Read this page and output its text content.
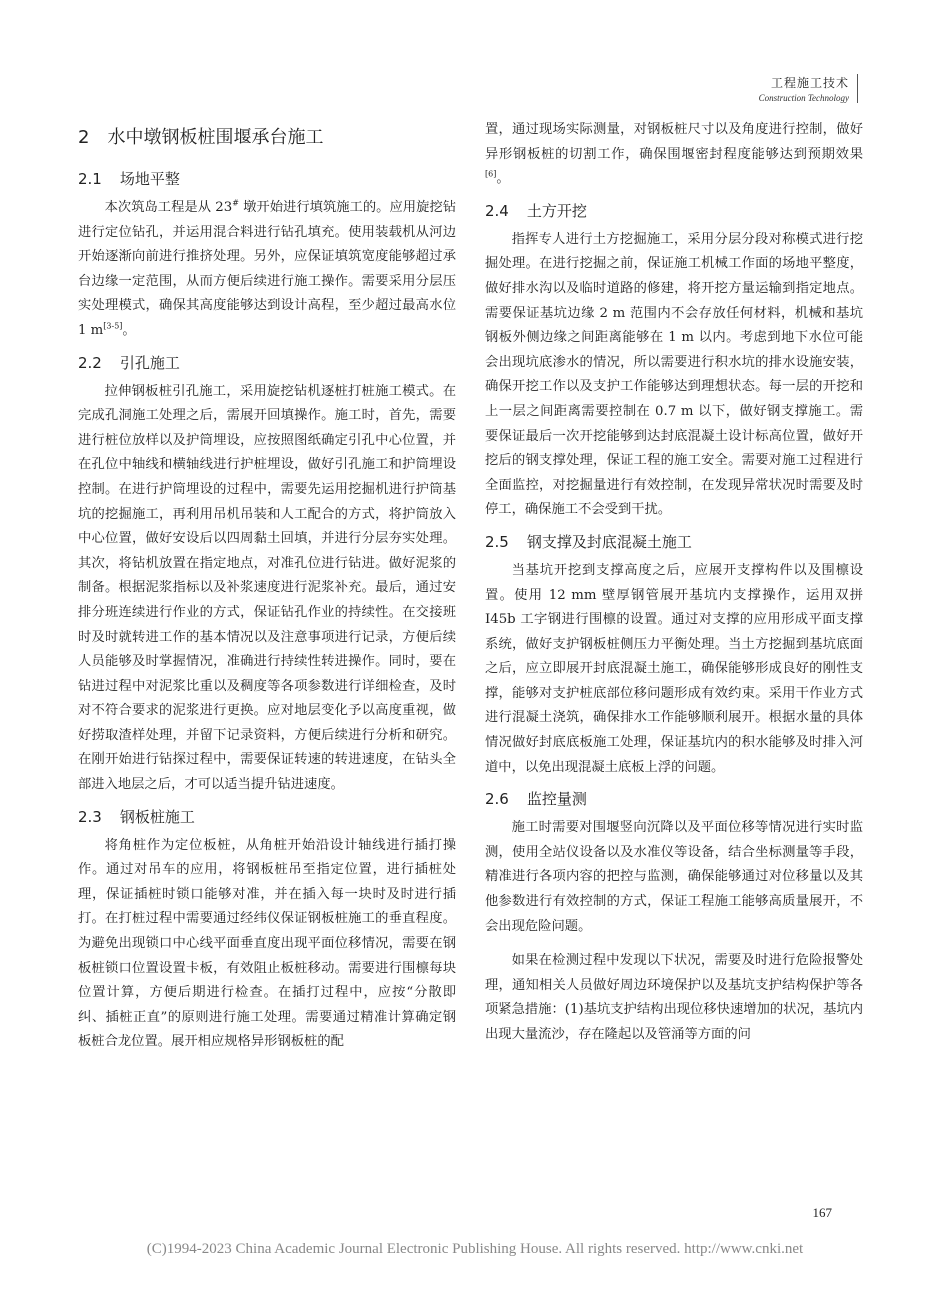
工程施工技术
Construction Technology
2 水中墩钢板桩围堰承台施工
2.1 场地平整

本次筑岛工程是从 23# 墩开始进行填筑施工的。应用旋挖钻进行定位钻孔，并运用混合料进行钻孔填充。使用装载机从河边开始逐渐向前进行推挤处理。另外，应保证填筑宽度能够超过承台边缘一定范围，从而方便后续进行施工操作。需要采用分层压实处理模式，确保其高度能够达到设计高程，至少超过最高水位 1 m[3-5]。

2.2 引孔施工

拉伸钢板桩引孔施工，采用旋挖钻机逐桩打桩施工模式。在完成孔洞施工处理之后，需展开回填操作。施工时，首先，需要进行桩位放样以及护筒埋设，应按照图纸确定引孔中心位置，并在孔位中轴线和横轴线进行护桩埋设，做好引孔施工和护筒埋设控制。在进行护筒埋设的过程中，需要先运用挖掘机进行护筒基坑的挖掘施工，再利用吊机吊装和人工配合的方式，将护筒放入中心位置，做好安设后以四周黏土回填，并进行分层夯实处理。其次，将钻机放置在指定地点，对准孔位进行钻进。做好泥浆的制备。根据泥浆指标以及补浆速度进行泥浆补充。最后，通过安排分班连续进行作业的方式，保证钻孔作业的持续性。在交接班时及时就转进工作的基本情况以及注意事项进行记录，方便后续人员能够及时掌握情况，准确进行持续性转进操作。同时，要在钻进过程中对泥浆比重以及稠度等各项参数进行详细检查，及时对不符合要求的泥浆进行更换。应对地层变化予以高度重视，做好捞取渣样处理，并留下记录资料，方便后续进行分析和研究。在刚开始进行钻探过程中，需要保证转速的转进速度，在钻头全部进入地层之后，才可以适当提升钻进速度。

2.3 钢板桩施工

将角桩作为定位板桩，从角桩开始沿设计轴线进行插打操作。通过对吊车的应用，将钢板桩吊至指定位置，进行插桩处理，保证插桩时锁口能够对准，并在插入每一块时及时进行插打。在打桩过程中需要通过经纬仪保证钢板桩施工的垂直程度。为避免出现锁口中心线平面垂直度出现平面位移情况，需要在钢板桩锁口位置设置卡板，有效阻止板桩移动。需要进行围檩每块位置计算，方便后期进行检查。在插打过程中，应按“分散即纠、插桩正直”的原则进行施工处理。需要通过精准计算确定钢板桩合龙位置。展开相应规格异形钢板桩的配

置，通过现场实际测量，对钢板桩尺寸以及角度进行控制，做好异形钢板桩的切割工作，确保围堰密封程度能够达到预期效果[6]。

2.4 土方开挖

指挥专人进行土方挖掘施工，采用分层分段对称模式进行挖掘处理。在进行挖掘之前，保证施工机械工作面的场地平整度，做好排水沟以及临时道路的修建，将开挖方量运输到指定地点。需要保证基坑边缘 2 m 范围内不会存放任何材料，机械和基坑钢板外侧边缘之间距离能够在 1 m 以内。考虑到地下水位可能会出现坑底渗水的情况，所以需要进行积水坑的排水设施安装，确保开挖工作以及支护工作能够达到理想状态。每一层的开挖和上一层之间距离需要控制在 0.7 m 以下，做好钢支撑施工。需要保证最后一次开挖能够到达封底混凝土设计标高位置，做好开挖后的钢支撑处理，保证工程的施工安全。需要对施工过程进行全面监控，对挖掘量进行有效控制，在发现异常状况时需要及时停工，确保施工不会受到干扰。

2.5 钢支撑及封底混凝土施工

当基坑开挖到支撑高度之后，应展开支撑构件以及围檩设置。使用 12 mm 壁厚钢管展开基坑内支撑操作，运用双拼 I45b 工字钢进行围檩的设置。通过对支撑的应用形成平面支撑系统，做好支护钢板桩侧压力平衡处理。当土方挖掘到基坑底面之后，应立即展开封底混凝土施工，确保能够形成良好的刚性支撑，能够对支护桩底部位移问题形成有效约束。采用干作业方式进行混凝土浇筑，确保排水工作能够顺利展开。根据水量的具体情况做好封底底板施工处理，保证基坑内的积水能够及时排入河道中，以免出现混凝土底板上浮的问题。

2.6 监控量测

施工时需要对围堰竖向沉降以及平面位移等情况进行实时监测，使用全站仪设备以及水准仪等设备，结合坐标测量等手段，精准进行各项内容的把控与监测，确保能够通过对位移量以及其他参数进行有效控制的方式，保证工程施工能够高质量展开，不会出现危险问题。

如果在检测过程中发现以下状况，需要及时进行危险报警处理，通知相关人员做好周边环境保护以及基坑支护结构保护等各项紧急措施：(1)基坑支护结构出现位移快速增加的状况，基坑内出现大量流沙，存在隆起以及管涌等方面的问

167
(C)1994-2023 China Academic Journal Electronic Publishing House. All rights reserved. http://www.cnki.net
